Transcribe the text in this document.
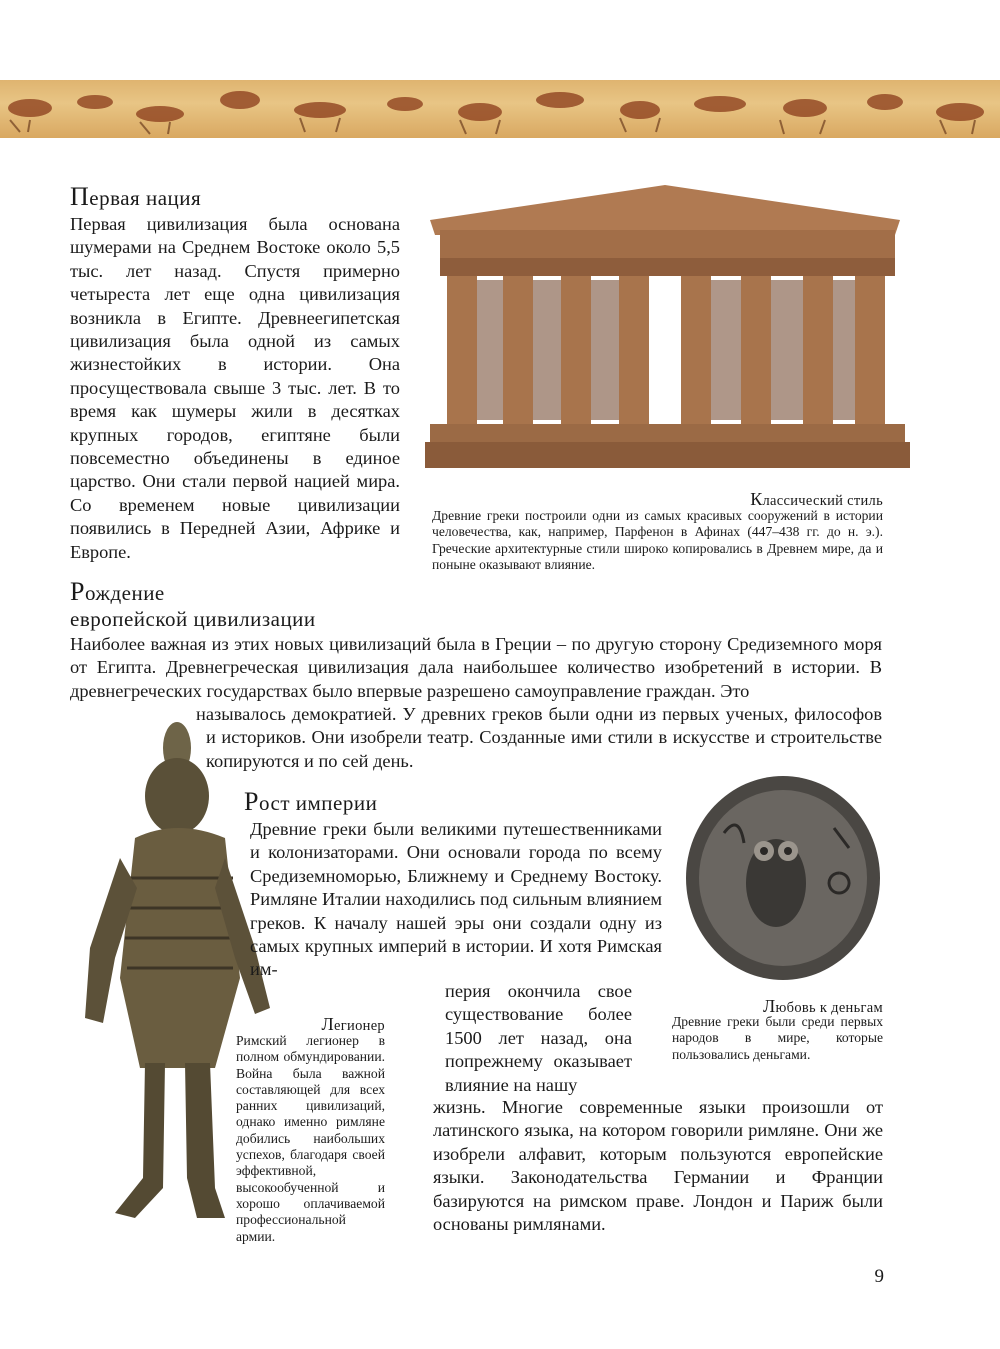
Первая нация

Первая цивилизация была основана шумерами на Среднем Востоке около 5,5 тыс. лет назад. Спустя примерно четыреста лет еще одна цивилизация возникла в Египте. Древнеегипетская цивилизация была одной из самых жизнестойких в истории. Она просуществовала свыше 3 тыс. лет. В то время как шумеры жили в десятках крупных городов, египтяне были повсеместно объединены в единое царство. Они стали первой нацией мира. Со временем новые цивилизации появились в Передней Азии, Африке и Европе.

Классический стиль

Древние греки построили одни из самых красивых сооружений в истории человечества, как, например, Парфенон в Афинах (447–438 гг. до н. э.). Греческие архитектурные стили широко копировались в Древнем мире, да и поныне оказывают влияние.

Рождение
европейской цивилизации

Наиболее важная из этих новых цивилизаций была в Греции – по другую сторону Средиземного моря от Египта. Древнегреческая цивилизация дала наибольшее количество изобретений в истории. В древнегреческих государствах было впервые разрешено самоуправление граждан. Это

называлось демократией. У древних греков были одни из первых ученых, философов и историков. Они изобрели театр. Созданные ими стили в искусстве и строительстве копируются и по сей день.

Рост империи

Древние греки были великими путешественниками и колонизаторами. Они основали города по всему Средиземноморью, Ближнему и Среднему Востоку. Римляне Италии находились под сильным влиянием греков. К началу нашей эры они создали одну из самых крупных империй в истории. И хотя Римская им-

перия окончила свое существование более 1500 лет назад, она попрежнему оказывает влияние на нашу

жизнь. Многие современные языки произошли от латинского языка, на котором говорили римляне. Они же изобрели алфавит, которым пользуются европейские языки. Законодательства Германии и Франции базируются на римском праве. Лондон и Париж были основаны римлянами.

Любовь к деньгам

Древние греки были среди первых народов в мире, которые пользовались деньгами.

Легионер

Римский легионер в полном обмундировании. Война была важной составляющей для всех ранних цивилизаций, однако именно римляне добились наибольших успехов, благодаря своей эффективной, высокообученной и хорошо оплачиваемой профессиональной армии.

9
